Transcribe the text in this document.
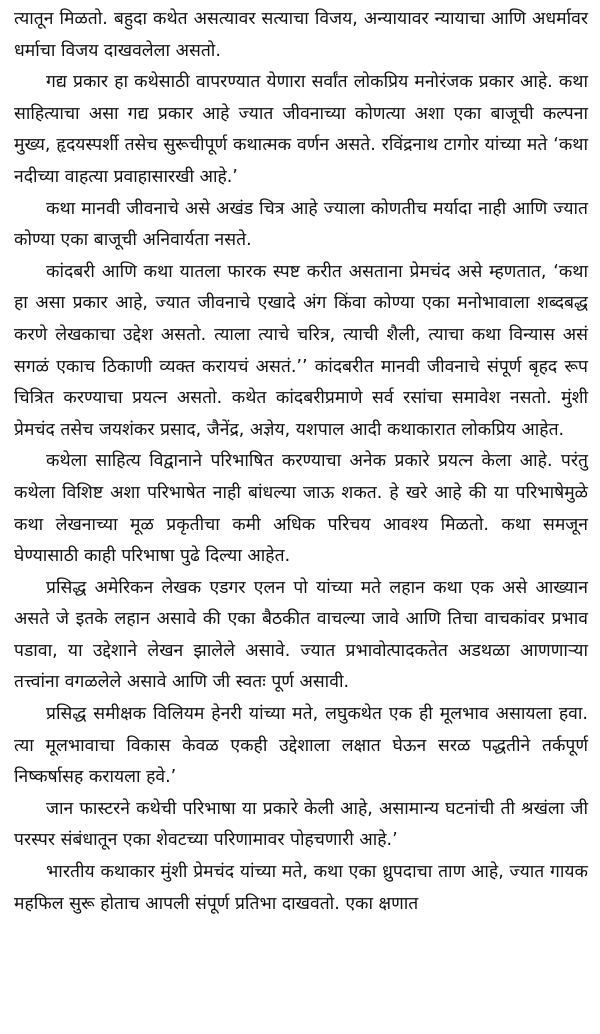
त्यातून मिळतो. बहुदा कथेत असत्यावर सत्याचा विजय, अन्यायावर न्यायाचा आणि अधर्मावर धर्माचा विजय दाखवलेला असतो.

गद्य प्रकार हा कथेसाठी वापरण्यात येणारा सर्वांत लोकप्रिय मनोरंजक प्रकार आहे. कथा साहित्याचा असा गद्य प्रकार आहे ज्यात जीवनाच्या कोणत्या अशा एका बाजूची कल्पना मुख्य, हृदयस्पर्शी तसेच सुरूचीपूर्ण कथात्मक वर्णन असते. रविंद्रनाथ टागोर यांच्या मते ‘कथा नदीच्या वाहत्या प्रवाहासारखी आहे.’

कथा मानवी जीवनाचे असे अखंड चित्र आहे ज्याला कोणतीच मर्यादा नाही आणि ज्यात कोण्या एका बाजूची अनिवार्यता नसते.

कांदबरी आणि कथा यातला फारक स्पष्ट करीत असताना प्रेमचंद असे म्हणतात, ‘कथा हा असा प्रकार आहे, ज्यात जीवनाचे एखादे अंग किंवा कोण्या एका मनोभावाला शब्दबद्ध करणे लेखकाचा उद्देश असतो. त्याला त्याचे चरित्र, त्याची शैली, त्याचा कथा विन्यास असं सगळं एकाच ठिकाणी व्यक्त करायचं असतं.’’ कांदबरीत मानवी जीवनाचे संपूर्ण बृहद रूप चित्रित करण्याचा प्रयत्न असतो. कथेत कांदबरीप्रमाणे सर्व रसांचा समावेश नसतो. मुंशी प्रेमचंद तसेच जयशंकर प्रसाद, जैनेंद्र, अज्ञेय, यशपाल आदी कथाकारात लोकप्रिय आहेत.

कथेला साहित्य विद्वानाने परिभाषित करण्याचा अनेक प्रकारे प्रयत्न केला आहे. परंतु कथेला विशिष्ट अशा परिभाषेत नाही बांधल्या जाऊ शकत. हे खरे आहे की या परिभाषेमुळे कथा लेखनाच्या मूळ प्रकृतीचा कमी अधिक परिचय आवश्य मिळतो. कथा समजून घेण्यासाठी काही परिभाषा पुढे दिल्या आहेत.

प्रसिद्ध अमेरिकन लेखक एडगर एलन पो यांच्या मते लहान कथा एक असे आख्यान असते जे इतके लहान असावे की एका बैठकीत वाचल्या जावे आणि तिचा वाचकांवर प्रभाव पडावा, या उद्देशाने लेखन झालेले असावे. ज्यात प्रभावोत्पादकतेत अडथळा आणणाऱ्या तत्त्वांना वगळलेले असावे आणि जी स्वतः पूर्ण असावी.

प्रसिद्ध समीक्षक विलियम हेनरी यांच्या मते, लघुकथेत एक ही मूलभाव असायला हवा. त्या मूलभावाचा विकास केवळ एकही उद्देशाला लक्षात घेऊन सरळ पद्धतीने तर्कपूर्ण निष्कर्षासह करायला हवे.’

जान फास्टरने कथेची परिभाषा या प्रकारे केली आहे, असामान्य घटनांची ती श्रखंला जी परस्पर संबंधातून एका शेवटच्या परिणामावर पोहचणारी आहे.’

भारतीय कथाकार मुंशी प्रेमचंद यांच्या मते, कथा एका ध्रुपदाचा ताण आहे, ज्यात गायक महफिल सुरू होताच आपली संपूर्ण प्रतिभा दाखवतो. एका क्षणात
